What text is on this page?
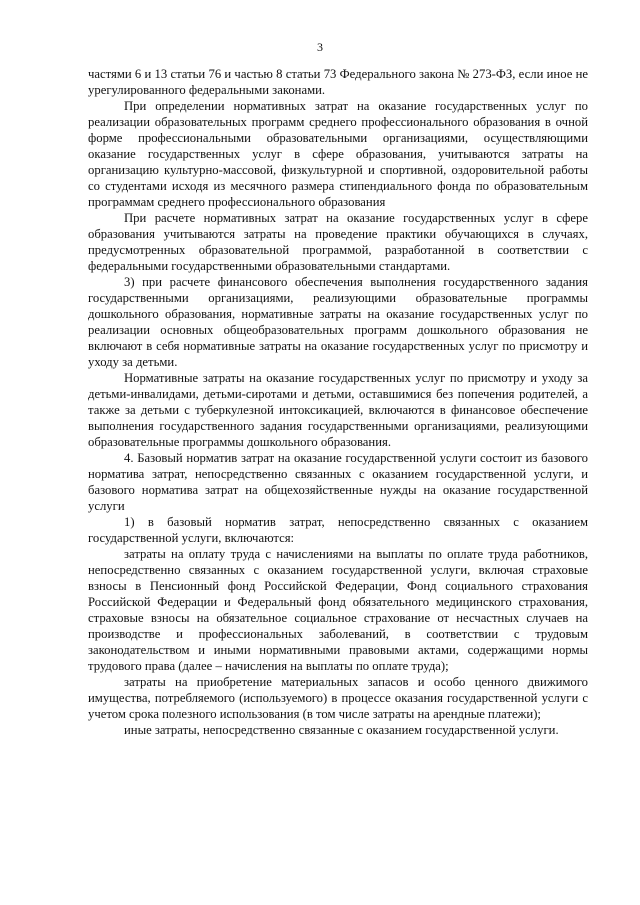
3

частями 6 и 13 статьи 76 и частью 8 статьи 73 Федерального закона № 273-ФЗ, если иное не урегулированного федеральными законами.

При определении нормативных затрат на оказание государственных услуг по реализации образовательных программ среднего профессионального образования в очной форме профессиональными образовательными организациями, осуществляющими оказание государственных услуг в сфере образования, учитываются затраты на организацию культурно-массовой, физкультурной и спортивной, оздоровительной работы со студентами исходя из месячного размера стипендиального фонда по образовательным программам среднего профессионального образования

При расчете нормативных затрат на оказание государственных услуг в сфере образования учитываются затраты на проведение практики обучающихся в случаях, предусмотренных образовательной программой, разработанной в соответствии с федеральными государственными образовательными стандартами.

3) при расчете финансового обеспечения выполнения государственного задания государственными организациями, реализующими образовательные программы дошкольного образования, нормативные затраты на оказание государственных услуг по реализации основных общеобразовательных программ дошкольного образования не включают в себя нормативные затраты на оказание государственных услуг по присмотру и уходу за детьми.

Нормативные затраты на оказание государственных услуг по присмотру и уходу за детьми-инвалидами, детьми-сиротами и детьми, оставшимися без попечения родителей, а также за детьми с туберкулезной интоксикацией, включаются в финансовое обеспечение выполнения государственного задания государственными организациями, реализующими образовательные программы дошкольного образования.

4. Базовый норматив затрат на оказание государственной услуги состоит из базового норматива затрат, непосредственно связанных с оказанием государственной услуги, и базового норматива затрат на общехозяйственные нужды на оказание государственной услуги

1) в базовый норматив затрат, непосредственно связанных с оказанием государственной услуги, включаются:

затраты на оплату труда с начислениями на выплаты по оплате труда работников, непосредственно связанных с оказанием государственной услуги, включая страховые взносы в Пенсионный фонд Российской Федерации, Фонд социального страхования Российской Федерации и Федеральный фонд обязательного медицинского страхования, страховые взносы на обязательное социальное страхование от несчастных случаев на производстве и профессиональных заболеваний, в соответствии с трудовым законодательством и иными нормативными правовыми актами, содержащими нормы трудового права (далее – начисления на выплаты по оплате труда);

затраты на приобретение материальных запасов и особо ценного движимого имущества, потребляемого (используемого) в процессе оказания государственной услуги с учетом срока полезного использования (в том числе затраты на арендные платежи);

иные затраты, непосредственно связанные с оказанием государственной услуги.
